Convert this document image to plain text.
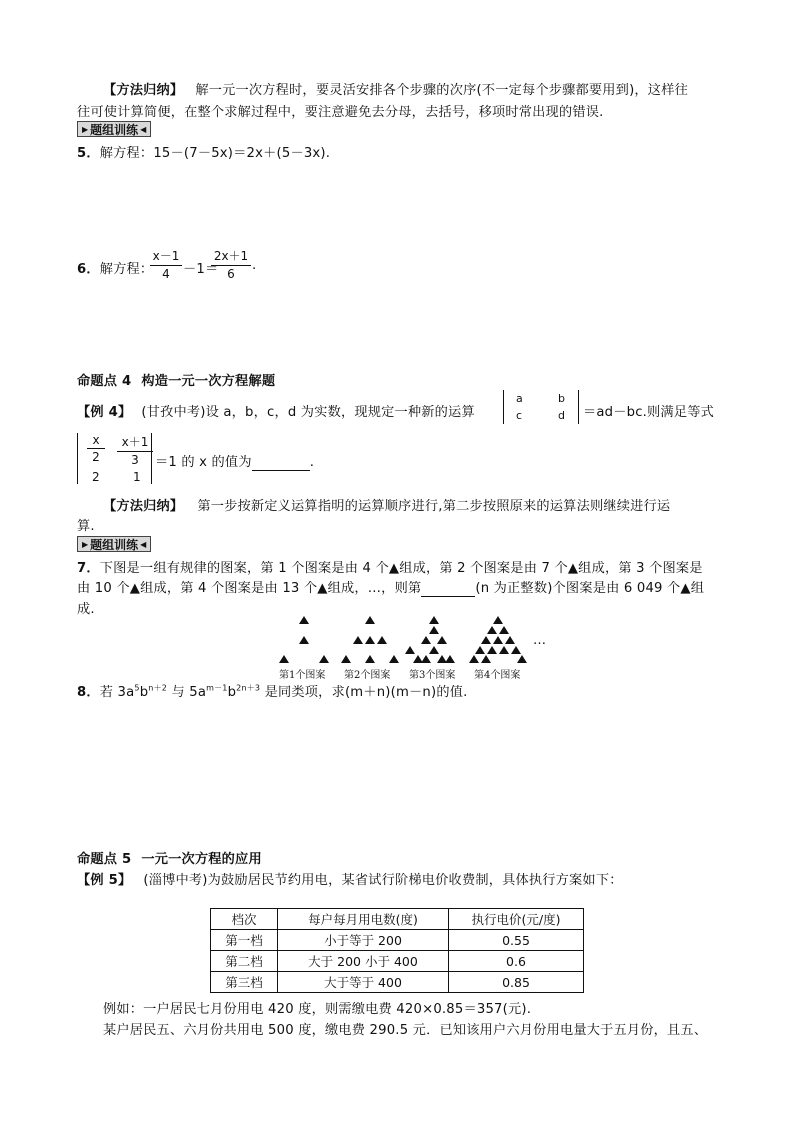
【方法归纳】 解一元一次方程时，要灵活安排各个步骤的次序(不一定每个步骤都要用到)，这样往
往可使计算简便，在整个求解过程中，要注意避免去分母，去括号，移项时常出现的错误.
▶ 题组训练 ◀
5．解方程：15－(7－5x)＝2x＋(5－3x).
6．解方程：
x－1
4 －1＝
2x＋1
6
.
命题点 4 构造一元一次方程解题
【例 4】 (甘孜中考)设 a，b，c，d 为实数，现规定一种新的运算
a	b
c	d ＝ad－bc.则满足等式
x
2
2
x＋1
3
1
＝1 的 x 的值为	.
【方法归纳】 第一步按新定义运算指明的运算顺序进行,第二步按照原来的运算法则继续进行运
算.
▶ 题组训练 ◀
7．下图是一组有规律的图案，第 1 个图案是由 4 个▲组成，第 2 个图案是由 7 个▲组成，第 3 个图案是
由 10 个▲组成，第 4 个图案是由 13 个▲组成，…，则第	(n 为正整数)个图案是由 6 049 个▲组
成.
…
第1个图案 第2个图案 第3个图案 第4个图案
8．若 $3a^5b^{n+2}$ 与 $5a^{m-1}b^{2n+3}$ 是同类项，求(m＋n)(m－n)的值.
命题点 5 一元一次方程的应用
【例 5】 (淄博中考)为鼓励居民节约用电，某省试行阶梯电价收费制，具体执行方案如下：
档次	每户每月用电数(度)	执行电价(元/度)
第一档	小于等于 200	0.55
第二档	大于 200 小于 400	0.6
第三档	大于等于 400	0.85
例如：一户居民七月份用电 420 度，则需缴电费 420×0.85＝357(元).
某户居民五、六月份共用电 500 度，缴电费 290.5 元．已知该用户六月份用电量大于五月份，且五、
